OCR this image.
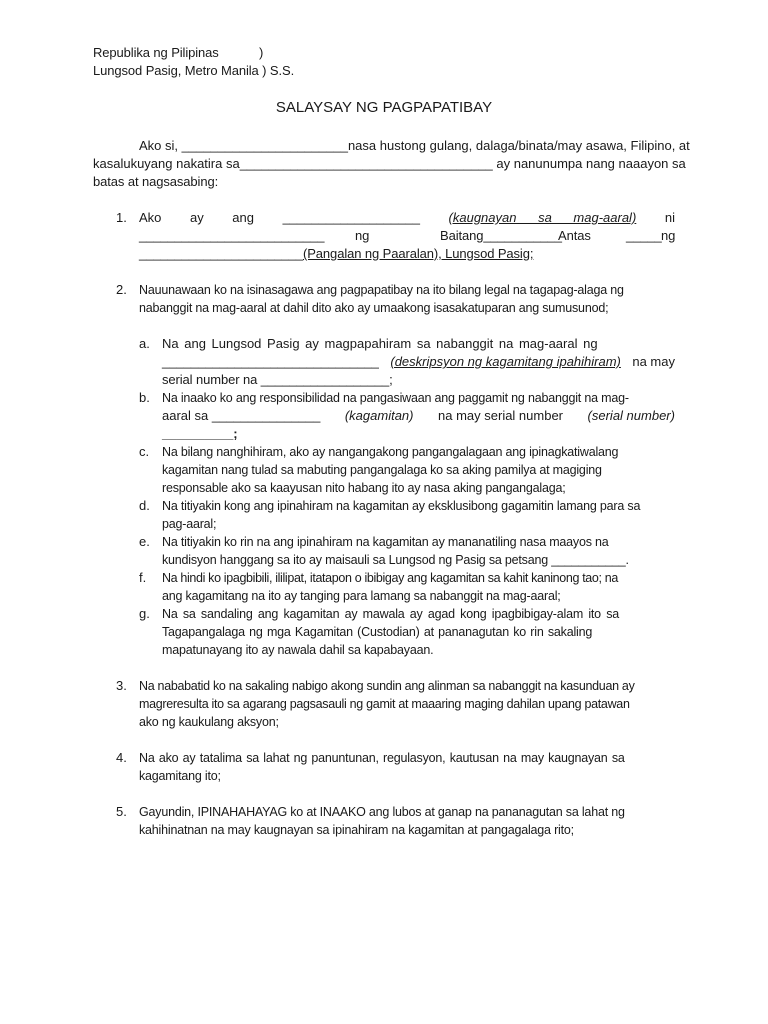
Republika ng Pilipinas	)
Lungsod Pasig, Metro Manila ) S.S.
SALAYSAY NG PAGPAPATIBAY
Ako si,
_______________________ nasa hustong gulang, dalaga/binata/may asawa, Filipino, at
kasalukuyang nakatira sa __________________________________ _ ay nanunumpa nang naaayon sa
batas at nagsasabing:
1. Ako ay ang ___________________ (kaugnayan sa mag-aaral) ni
__________________________ ng	Baitang___________
Antas	_____ ng
_______________________(Pangalan ng Paaralan), Lungsod Pasig;
2. Nauunawaan ko na isinasagawa ang pagpapatibay na ito bilang legal na tagapag-alaga ng
nabanggit na mag-aaral at dahil dito ako ay umaakong isasakatuparan ang sumusunod;
a. Na ang Lungsod Pasig ay magpapahiram sa nabanggit na mag-aaral ng
______________________________ (deskripsyon ng kagamitang ipahihiram) na may
serial number na __________________;
b. Na inaako ko ang responsibilidad na pangasiwaan ang paggamit ng nabanggit na mag-
aaral sa _______________ (kagamitan) na may serial number (serial number)
__________;
c. Na bilang nanghihiram, ako ay nangangakong pangangalagaan ang ipinagkatiwalang
kagamitan nang tulad sa mabuting pangangalaga ko sa aking pamilya at magiging
responsable ako sa kaayusan nito habang ito ay nasa aking pangangalaga;
d. Na titiyakin kong ang ipinahiram na kagamitan ay eksklusibong gagamitin lamang para sa
pag-aaral;
e. Na titiyakin ko rin na ang ipinahiram na kagamitan ay mananatiling nasa maayos na
kundisyon hanggang sa ito ay maisauli sa Lungsod ng Pasig sa petsang ___________.
f. Na hindi ko ipagbibili, ililipat, itatapon o ibibigay ang kagamitan sa kahit kaninong tao; na
ang kagamitang na ito ay tanging para lamang sa nabanggit na mag-aaral;
g. Na sa sandaling ang kagamitan ay mawala ay agad kong ipagbibigay-alam ito sa
Tagapangalaga ng mga Kagamitan (Custodian) at pananagutan ko rin sakaling
mapatunayang ito ay nawala dahil sa kapabayaan.
3. Na nababatid ko na sakaling nabigo akong sundin ang alinman sa nabanggit na kasunduan ay
magreresulta ito sa agarang pagsasauli ng gamit at maaaring maging dahilan upang patawan
ako ng kaukulang aksyon;
4. Na ako ay tatalima sa lahat ng panuntunan, regulasyon, kautusan na may kaugnayan sa
kagamitang ito;
5. Gayundin, IPINAHAHAYAG ko at INAAKO ang lubos at ganap na pananagutan sa lahat ng
kahihinatnan na may kaugnayan sa ipinahiram na kagamitan at pangagalaga rito;
